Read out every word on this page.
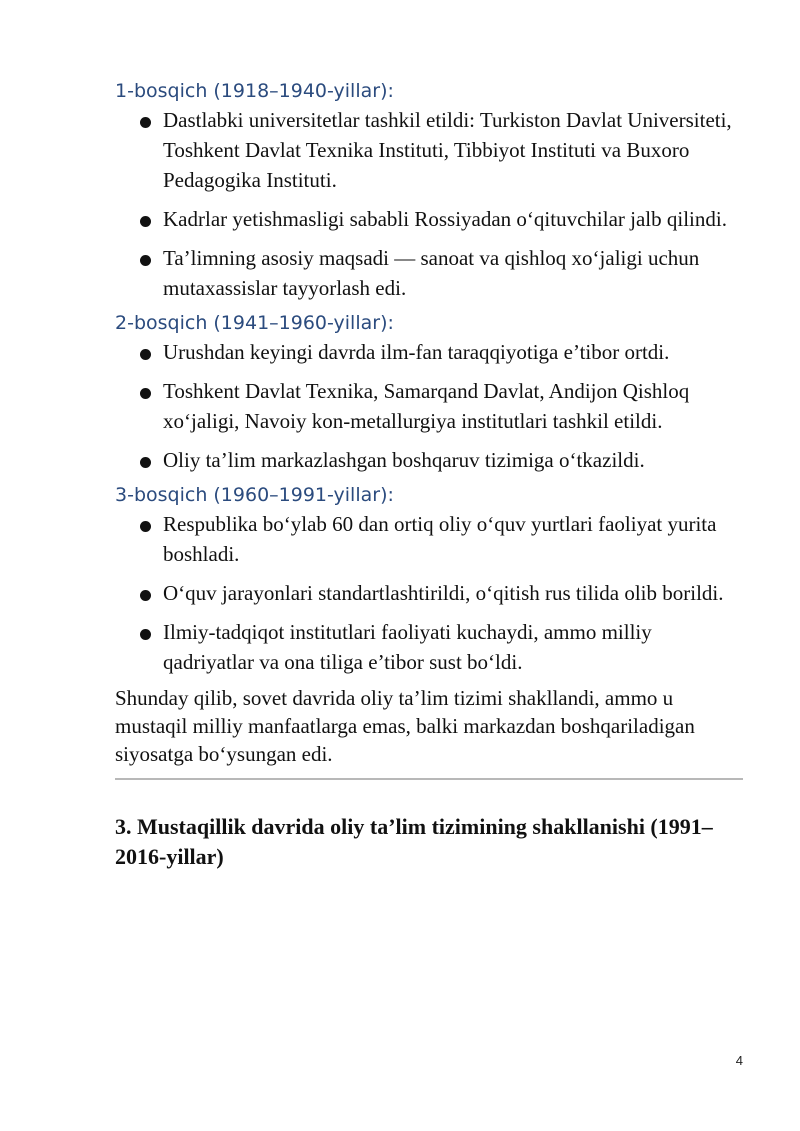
1-bosqich (1918–1940-yillar):

Dastlabki universitetlar tashkil etildi: Turkiston Davlat Universiteti, Toshkent Davlat Texnika Instituti, Tibbiyot Instituti va Buxoro Pedagogika Instituti.
Kadrlar yetishmasligi sababli Rossiyadan oʻqituvchilar jalb qilindi.
Ta’limning asosiy maqsadi — sanoat va qishloq xoʻjaligi uchun mutaxassislar tayyorlash edi.

2-bosqich (1941–1960-yillar):

Urushdan keyingi davrda ilm-fan taraqqiyotiga e’tibor ortdi.
Toshkent Davlat Texnika, Samarqand Davlat, Andijon Qishloq xoʻjaligi, Navoiy kon-metallurgiya institutlari tashkil etildi.
Oliy ta’lim markazlashgan boshqaruv tizimiga oʻtkazildi.

3-bosqich (1960–1991-yillar):

Respublika boʻylab 60 dan ortiq oliy oʻquv yurtlari faoliyat yurita boshladi.
Oʻquv jarayonlari standartlashtirildi, oʻqitish rus tilida olib borildi.
Ilmiy-tadqiqot institutlari faoliyati kuchaydi, ammo milliy qadriyatlar va ona tiliga e’tibor sust boʻldi.

Shunday qilib, sovet davrida oliy ta’lim tizimi shakllandi, ammo u mustaqil milliy manfaatlarga emas, balki markazdan boshqariladigan siyosatga boʻysungan edi.

3. Mustaqillik davrida oliy ta’lim tizimining shakllanishi (1991–2016-yillar)
4
